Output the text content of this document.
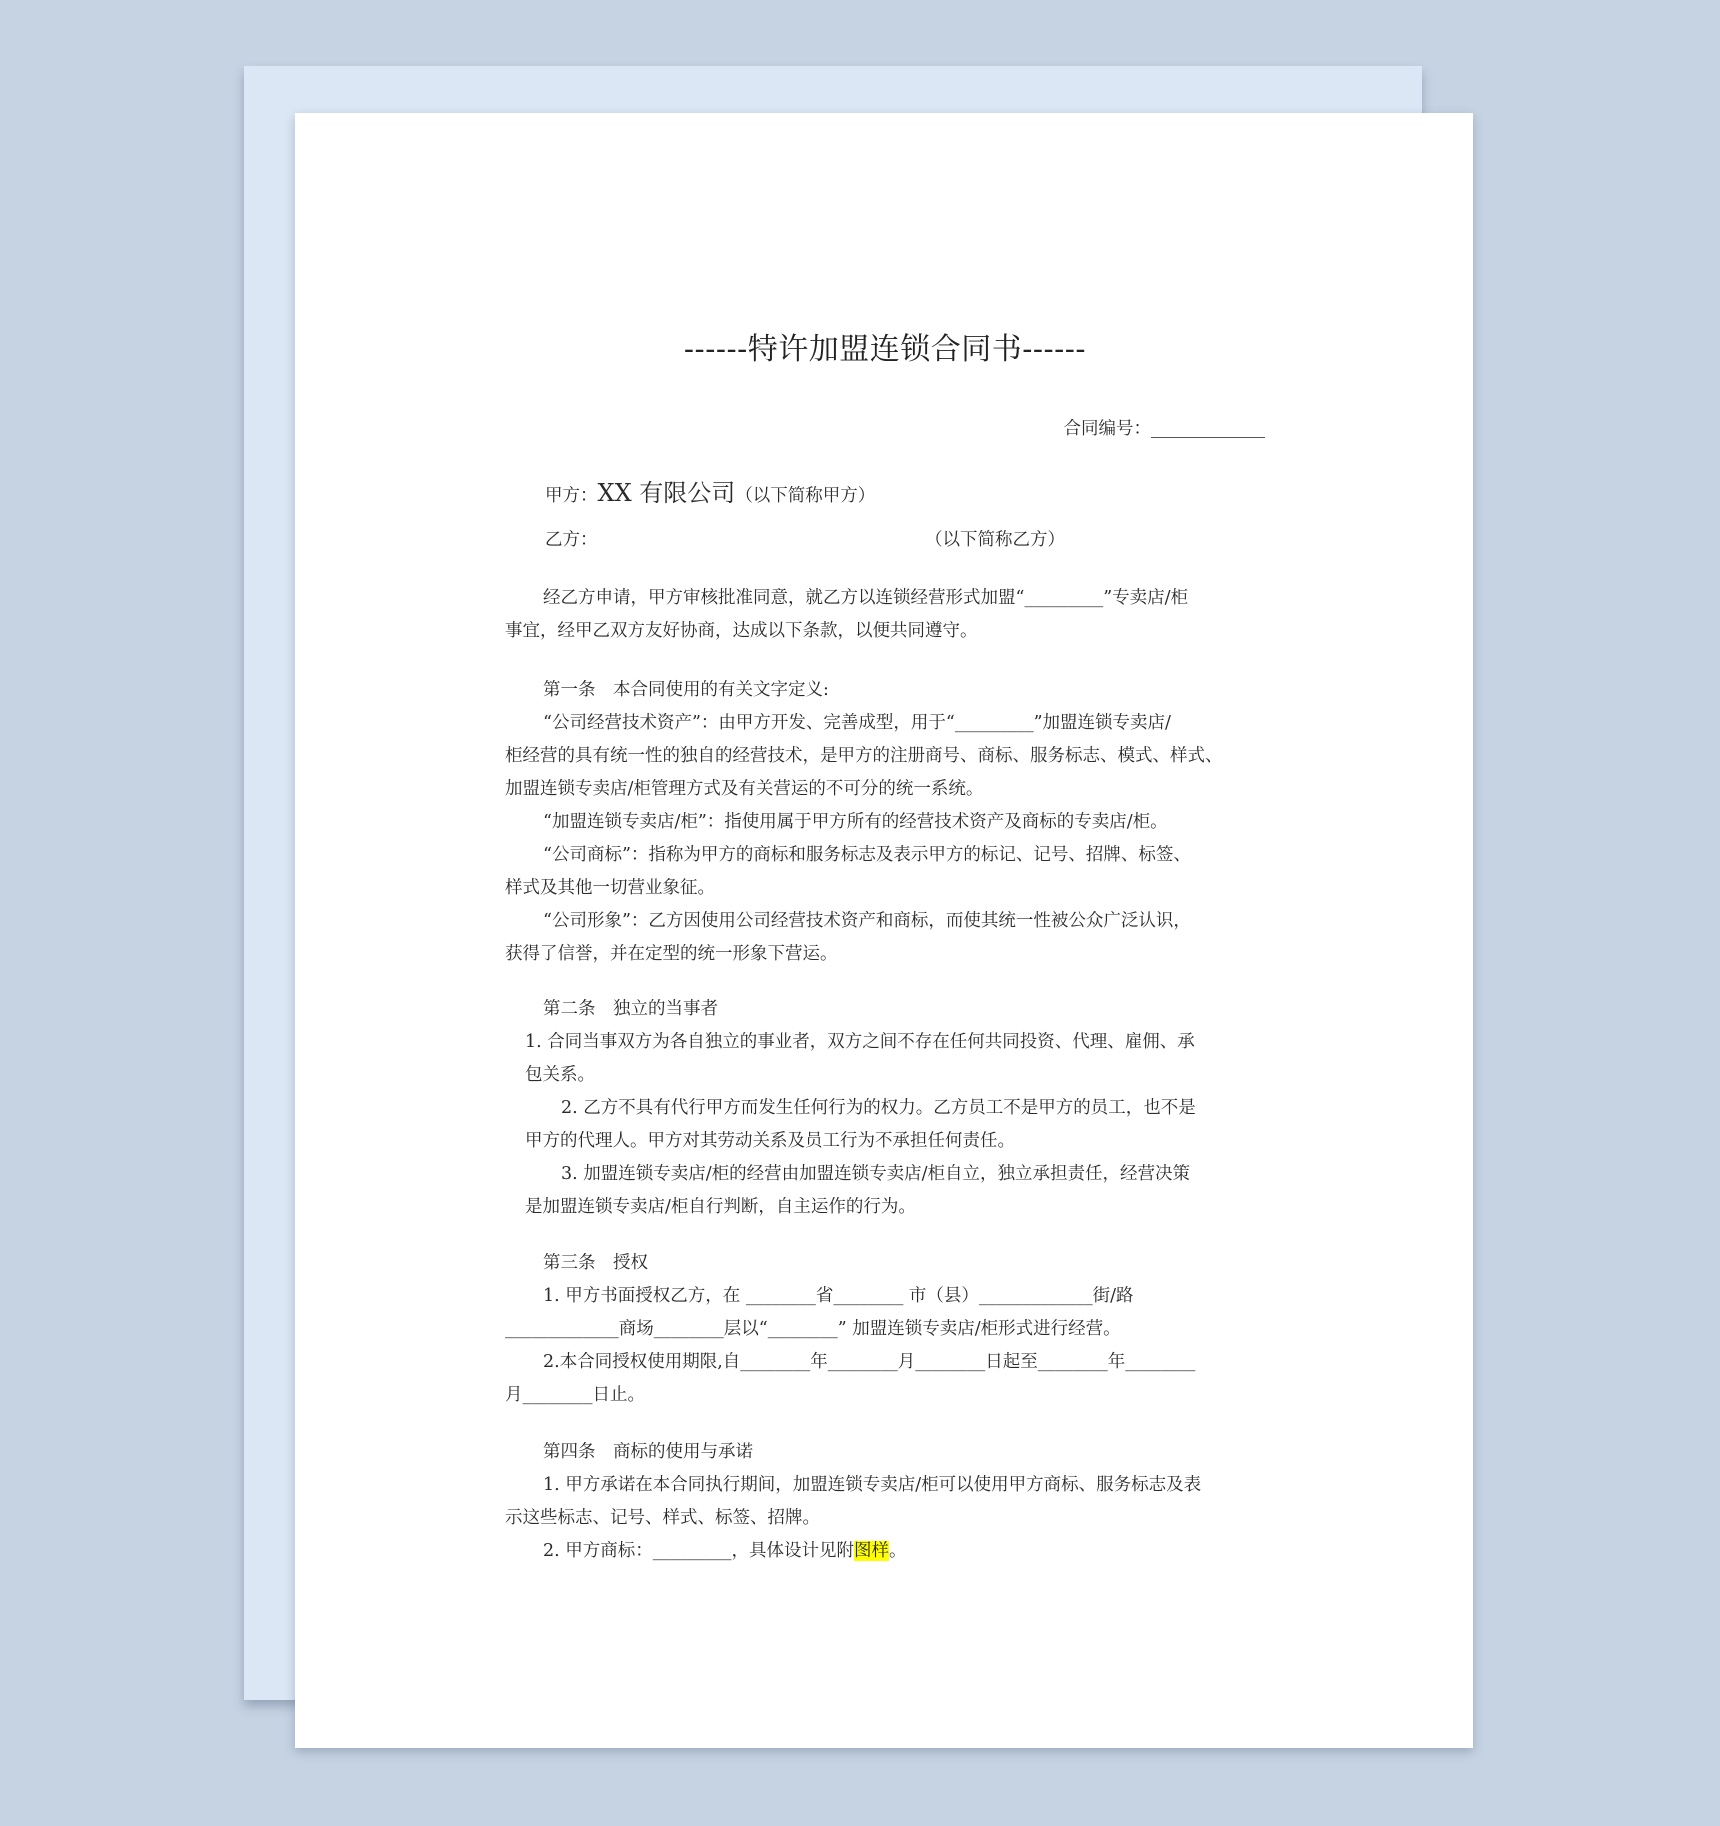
------特许加盟连锁合同书------
合同编号：
甲方：XX 有限公司（以下简称甲方）
乙方：	（以下简称乙方）

经乙方申请，甲方审核批准同意，就乙方以连锁经营形式加盟“_________”专卖店/柜

事宜，经甲乙双方友好协商，达成以下条款，以便共同遵守。

第一条　本合同使用的有关文字定义:

“公司经营技术资产”：由甲方开发、完善成型，用于“_________”加盟连锁专卖店/

柜经营的具有统一性的独自的经营技术，是甲方的注册商号、商标、服务标志、模式、样式、

加盟连锁专卖店/柜管理方式及有关营运的不可分的统一系统。

“加盟连锁专卖店/柜”：指使用属于甲方所有的经营技术资产及商标的专卖店/柜。

“公司商标”：指称为甲方的商标和服务标志及表示甲方的标记、记号、招牌、标签、

样式及其他一切营业象征。

“公司形象”：乙方因使用公司经营技术资产和商标，而使其统一性被公众广泛认识，

获得了信誉，并在定型的统一形象下营运。

第二条　独立的当事者

1. 合同当事双方为各自独立的事业者，双方之间不存在任何共同投资、代理、雇佣、承

包关系。

2. 乙方不具有代行甲方而发生任何行为的权力。乙方员工不是甲方的员工，也不是

甲方的代理人。甲方对其劳动关系及员工行为不承担任何责任。

3. 加盟连锁专卖店/柜的经营由加盟连锁专卖店/柜自立，独立承担责任，经营决策

是加盟连锁专卖店/柜自行判断，自主运作的行为。

第三条　授权

1. 甲方书面授权乙方，在 ________省________ 市（县）_____________街/路

_____________商场________层以“________” 加盟连锁专卖店/柜形式进行经营。

2.本合同授权使用期限,自________年________月________日起至________年________

月________日止。

第四条　商标的使用与承诺

1. 甲方承诺在本合同执行期间，加盟连锁专卖店/柜可以使用甲方商标、服务标志及表

示这些标志、记号、样式、标签、招牌。

2. 甲方商标：_________，具体设计见附图样。
